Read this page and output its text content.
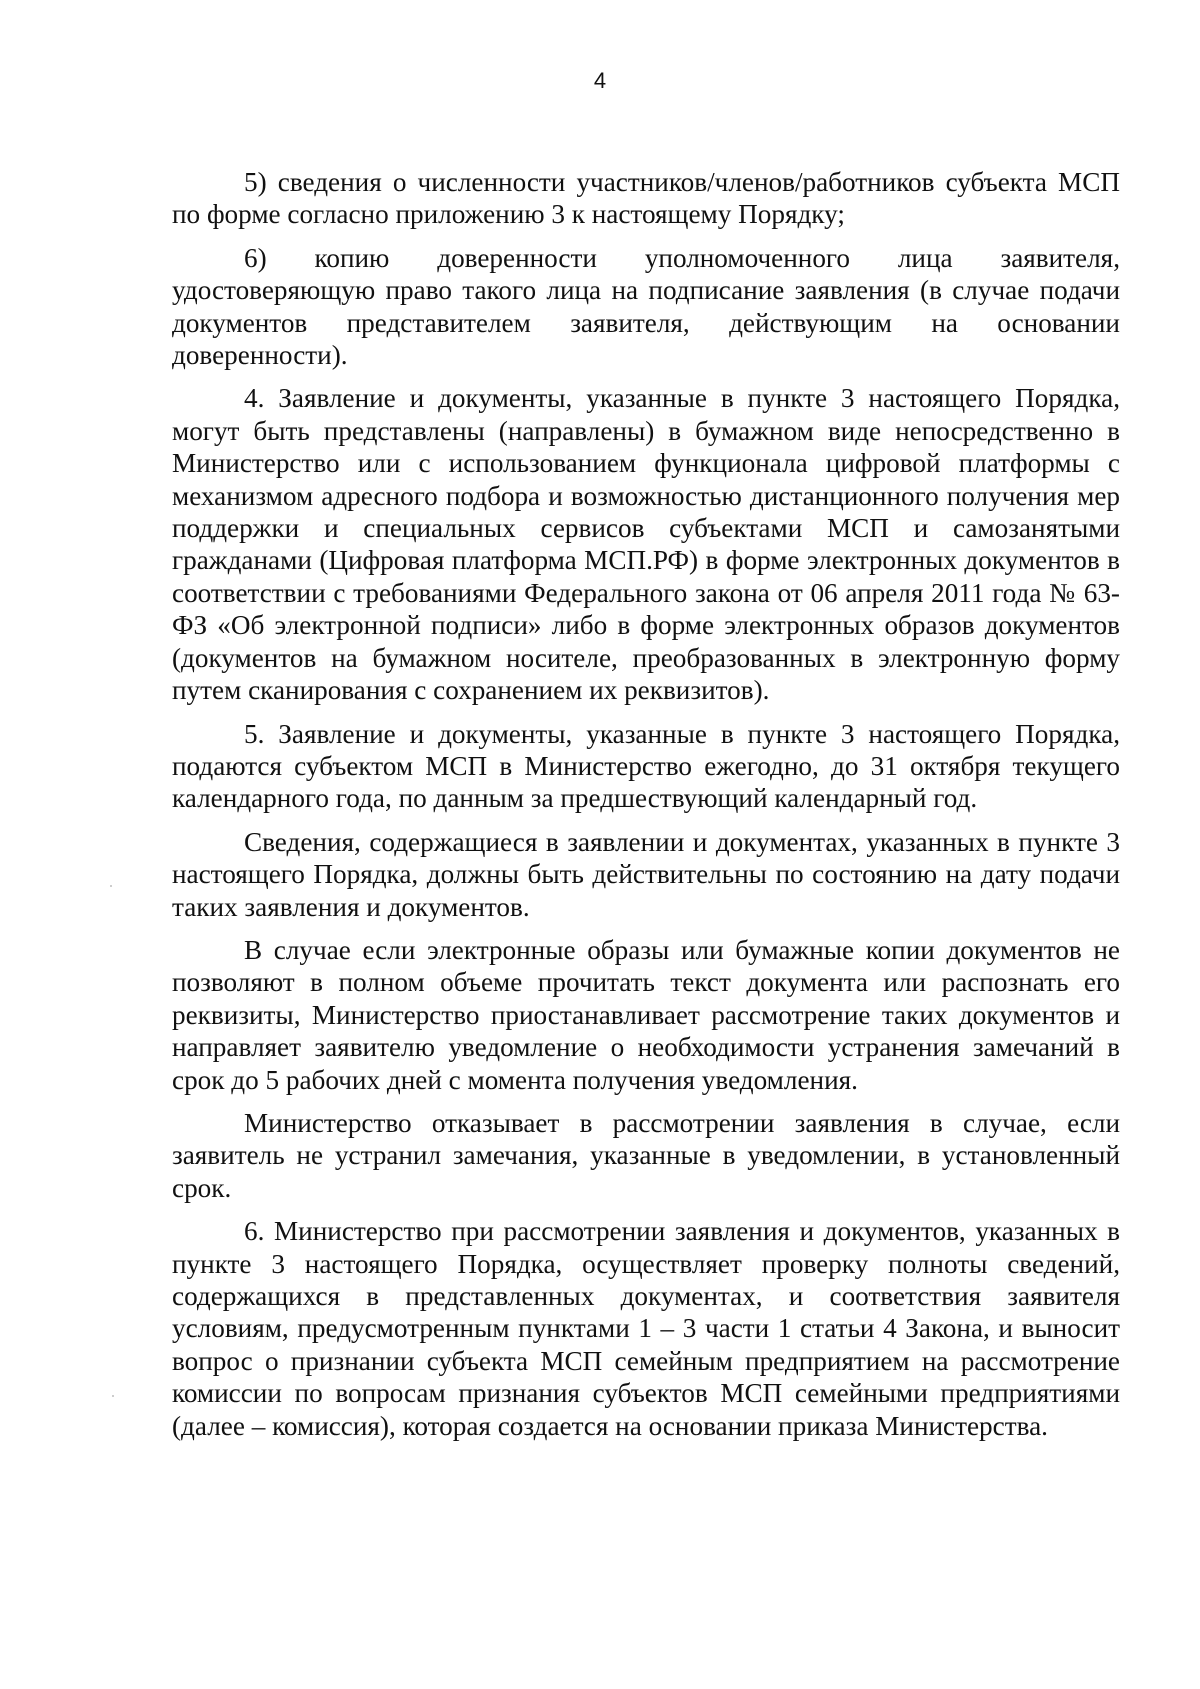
4

5) сведения о численности участников/членов/работников субъекта МСП по форме согласно приложению 3 к настоящему Порядку;

6) копию доверенности уполномоченного лица заявителя, удостоверяющую право такого лица на подписание заявления (в случае подачи документов представителем заявителя, действующим на основании доверенности).

4. Заявление и документы, указанные в пункте 3 настоящего Порядка, могут быть представлены (направлены) в бумажном виде непосредственно в Министерство или с использованием функционала цифровой платформы с механизмом адресного подбора и возможностью дистанционного получения мер поддержки и специальных сервисов субъектами МСП и самозанятыми гражданами (Цифровая платформа МСП.РФ) в форме электронных документов в соответствии с требованиями Федерального закона от 06 апреля 2011 года № 63-ФЗ «Об электронной подписи» либо в форме электронных образов документов (документов на бумажном носителе, преобразованных в электронную форму путем сканирования с сохранением их реквизитов).

5. Заявление и документы, указанные в пункте 3 настоящего Порядка, подаются субъектом МСП в Министерство ежегодно, до 31 октября текущего календарного года, по данным за предшествующий календарный год.

Сведения, содержащиеся в заявлении и документах, указанных в пункте 3 настоящего Порядка, должны быть действительны по состоянию на дату подачи таких заявления и документов.

В случае если электронные образы или бумажные копии документов не позволяют в полном объеме прочитать текст документа или распознать его реквизиты, Министерство приостанавливает рассмотрение таких документов и направляет заявителю уведомление о необходимости устранения замечаний в срок до 5 рабочих дней с момента получения уведомления.

Министерство отказывает в рассмотрении заявления в случае, если заявитель не устранил замечания, указанные в уведомлении, в установленный срок.

6. Министерство при рассмотрении заявления и документов, указанных в пункте 3 настоящего Порядка, осуществляет проверку полноты сведений, содержащихся в представленных документах, и соответствия заявителя условиям, предусмотренным пунктами 1 – 3 части 1 статьи 4 Закона, и выносит вопрос о признании субъекта МСП семейным предприятием на рассмотрение комиссии по вопросам признания субъектов МСП семейными предприятиями (далее – комиссия), которая создается на основании приказа Министерства.
